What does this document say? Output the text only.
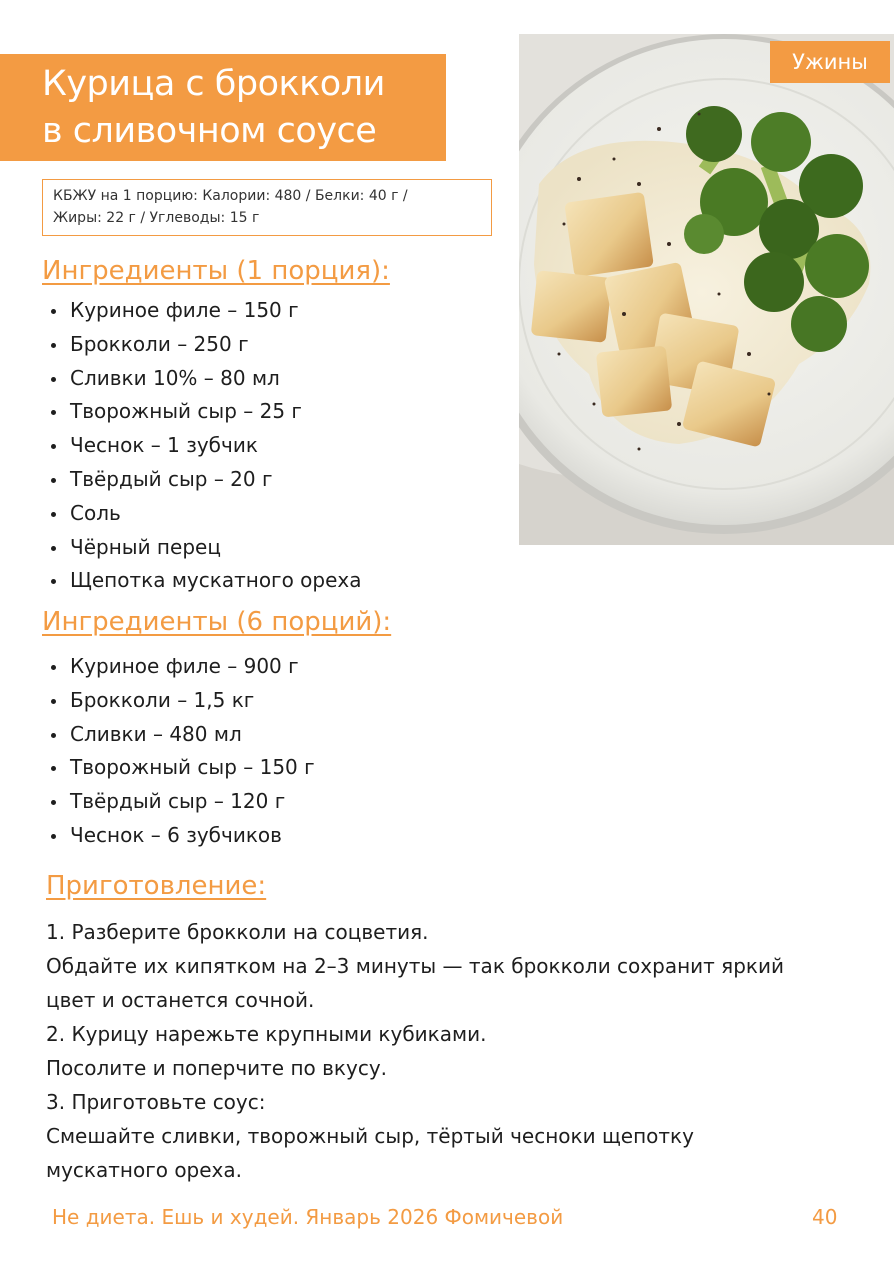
Курица с брокколи
в сливочном соусе
КБЖУ на 1 порцию: Калории: 480 / Белки: 40 г /
Жиры: 22 г / Углеводы: 15 г
Ингредиенты (1 порция):
Куриное филе – 150 г
Брокколи – 250 г
Сливки 10% – 80 мл
Творожный сыр – 25 г
Чеснок – 1 зубчик
Твёрдый сыр – 20 г
Соль
Чёрный перец
Щепотка мускатного ореха
Ингредиенты (6 порций):
Куриное филе – 900 г
Брокколи – 1,5 кг
Сливки – 480 мл
Творожный сыр – 150 г
Твёрдый сыр – 120 г
Чеснок – 6 зубчиков
Приготовление:

1. Разберите брокколи на соцветия.

Обдайте их кипятком на 2–3 минуты — так брокколи сохранит яркий

цвет и останется сочной.

2. Курицу нарежьте крупными кубиками.

Посолите и поперчите по вкусу.

3. Приготовьте соус:

Смешайте сливки, творожный сыр, тёртый чесноки щепотку

мускатного ореха.

Ужины
Не диета. Ешь и худей. Январь 2026 Фомичевой	40
